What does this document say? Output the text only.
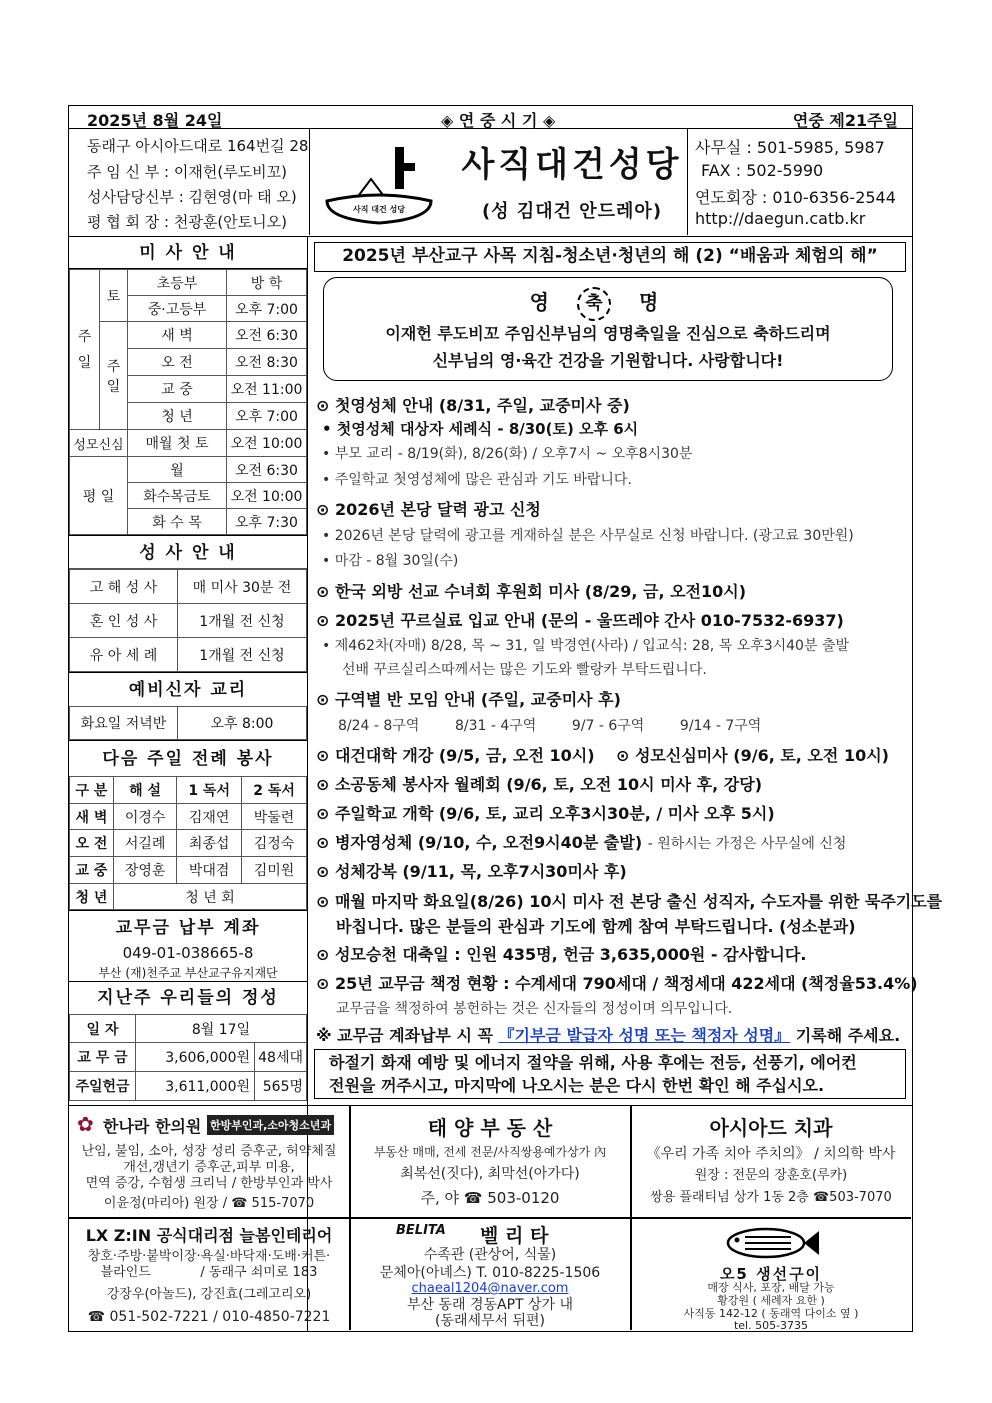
2025년 8월 24일	◈ 연 중 시 기 ◈	연중 제21주일
동래구 아시아드대로 164번길 28
주 임 신 부 : 이재헌(루도비꼬)
성사담당신부 : 김현영(마 태 오)
평 협 회 장 : 천광훈(안토니오)
사직 대건 성당
사직대건성당
(성 김대건 안드레아)
사무실 : 501-5985, 5987
FAX : 502-5990
연도회장 : 010-6356-2544
http://daegun.catb.kr
미 사 안 내
주 일	토	초등부	방 학
		중·고등부	오후 7:00
	주 일	새 벽	오전 6:30
		오 전	오전 8:30
		교 중	오전 11:00
		청 년	오후 7:00
성모신심		매월 첫 토	오전 10:00
평 일		월	오전 6:30
		화수목금토	오전 10:00
		화 수 목	오후 7:30
성 사 안 내
고 해 성 사	매 미사 30분 전
혼 인 성 사	1개월 전 신청
유 아 세 례	1개월 전 신청
예비신자 교리
화요일 저녁반	오후 8:00
다음 주일 전례 봉사
구 분	해 설	1 독서	2 독서
새 벽	이경수	김재연	박둘련
오 전	서길례	최종섭	김정숙
교 중	장영훈	박대겸	김미원
청 년	청 년 회		
교무금 납부 계좌
049-01-038665-8
부산 (재)천주교 부산교구유지재단
지난주 우리들의 정성
일 자	8월 17일	
교 무 금	3,606,000원	48세대
주일헌금	3,611,000원	565명
2025년 부산교구 사목 지침-청소년·청년의 해 (2) “배움과 체험의 해”
영 축 명
이재헌 루도비꼬 주임신부님의 영명축일을 진심으로 축하드리며
신부님의 영·육간 건강을 기원합니다. 사랑합니다!
⊙ 첫영성체 안내 (8/31, 주일, 교중미사 중)
• 첫영성체 대상자 세례식 - 8/30(토) 오후 6시
• 부모 교리 - 8/19(화), 8/26(화) / 오후7시 ~ 오후8시30분
• 주일학교 첫영성체에 많은 관심과 기도 바랍니다.
⊙ 2026년 본당 달력 광고 신청
• 2026년 본당 달력에 광고를 게재하실 분은 사무실로 신청 바랍니다. (광고료 30만원)
• 마감 - 8월 30일(수)
⊙ 한국 외방 선교 수녀회 후원회 미사 (8/29, 금, 오전10시)
⊙ 2025년 꾸르실료 입교 안내 (문의 - 울뜨레야 간사 010-7532-6937)
• 제462차(자매) 8/28, 목 ~ 31, 일 박경연(사라) / 입교식: 28, 목 오후3시40분 출발
선배 꾸르실리스따께서는 많은 기도와 빨랑카 부탁드립니다.
⊙ 구역별 반 모임 안내 (주일, 교중미사 후)
8/24 - 8구역        8/31 - 4구역        9/7 - 6구역        9/14 - 7구역
⊙ 대건대학 개강 (9/5, 금, 오전 10시) ⊙ 성모신심미사 (9/6, 토, 오전 10시)
⊙ 소공동체 봉사자 월례회 (9/6, 토, 오전 10시 미사 후, 강당)
⊙ 주일학교 개학 (9/6, 토, 교리 오후3시30분, / 미사 오후 5시)
⊙ 병자영성체 (9/10, 수, 오전9시40분 출발) - 원하시는 가정은 사무실에 신청
⊙ 성체강복 (9/11, 목, 오후7시30미사 후)
⊙ 매월 마지막 화요일(8/26) 10시 미사 전 본당 출신 성직자, 수도자를 위한 묵주기도를
바칩니다. 많은 분들의 관심과 기도에 함께 참여 부탁드립니다. (성소분과)
⊙ 성모승천 대축일 : 인원 435명, 헌금 3,635,000원 - 감사합니다.
⊙ 25년 교무금 책정 현황 : 수계세대 790세대 / 책정세대 422세대 (책정율53.4%)
교무금을 책정하여 봉헌하는 것은 신자들의 정성이며 의무입니다.
※ 교무금 계좌납부 시 꼭 『기부금 발급자 성명 또는 책정자 성명』 기록해 주세요.
하절기 화재 예방 및 에너지 절약을 위해, 사용 후에는 전등, 선풍기, 에어컨
전원을 꺼주시고, 마지막에 나오시는 분은 다시 한번 확인 해 주십시오.
✿ 한나라 한의원 한방부인과,소아청소년과
난임, 불임, 소아, 성장 성리 증후군, 허약체질
개선,갱년기 증후군,피부 미용,
면역 증강, 수험생 크리닉 / 한방부인과 박사
이윤정(마리아) 원장 / ☎ 515-7070
태 양 부 동 산
부동산 매매, 전세 전문/사직쌍용예가상가 內
최복선(짓다), 최막선(아가다)
주, 야 ☎ 503-0120
아시아드 치과
《우리 가족 치아 주치의》 / 치의학 박사
원장 : 전문의 장훈호(루카)
쌍용 플래티넘 상가 1동 2층 ☎503-7070
LX Z:IN 공식대리점 늘봄인테리어
창호·주방·붙박이장·욕실·바닥재·도배·커튼·
블라인드            / 동래구 쇠미로 183
강장우(아놀드), 강진효(그레고리오)
☎ 051-502-7221 / 010-4850-7221
BELITA 벨 리 타
수족관 (관상어, 식물)
문체아(아녜스) T. 010-8225-1506
chaeal1204@naver.com
부산 동래 경동APT 상가 내
(동래세무서 뒤편)
오5 생선구이
매장 식사, 포장, 배달 가능
황강원 ( 세례자 요한 )
사직동 142-12 ( 동래역 다이소 옆 )
tel. 505-3735
